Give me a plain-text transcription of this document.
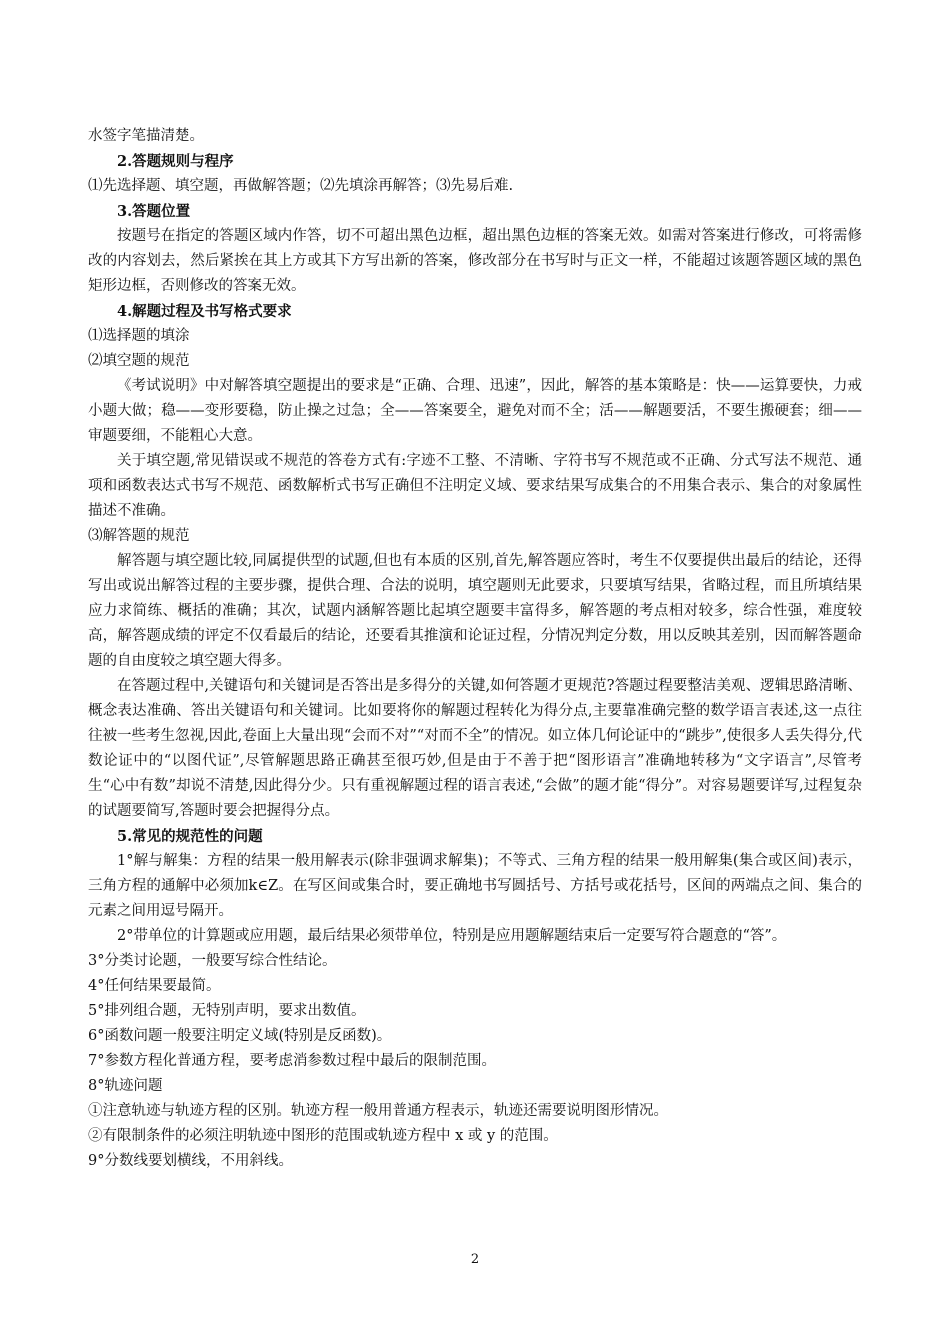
水签字笔描清楚。

2.答题规则与程序

⑴先选择题、填空题，再做解答题；⑵先填涂再解答；⑶先易后难.

3.答题位置

按题号在指定的答题区域内作答，切不可超出黑色边框，超出黑色边框的答案无效。如需对答案进行修改，可将需修改的内容划去，然后紧挨在其上方或其下方写出新的答案，修改部分在书写时与正文一样，不能超过该题答题区域的黑色矩形边框，否则修改的答案无效。

4.解题过程及书写格式要求

⑴选择题的填涂

⑵填空题的规范

《考试说明》中对解答填空题提出的要求是“正确、合理、迅速”，因此，解答的基本策略是：快——运算要快，力戒小题大做；稳——变形要稳，防止操之过急；全——答案要全，避免对而不全；活——解题要活，不要生搬硬套；细——审题要细，不能粗心大意。

关于填空题,常见错误或不规范的答卷方式有:字迹不工整、不清晰、字符书写不规范或不正确、分式写法不规范、通项和函数表达式书写不规范、函数解析式书写正确但不注明定义域、要求结果写成集合的不用集合表示、集合的对象属性描述不准确。

⑶解答题的规范

解答题与填空题比较,同属提供型的试题,但也有本质的区别,首先,解答题应答时，考生不仅要提供出最后的结论，还得写出或说出解答过程的主要步骤，提供合理、合法的说明，填空题则无此要求，只要填写结果，省略过程，而且所填结果应力求简练、概括的准确；其次，试题内涵解答题比起填空题要丰富得多，解答题的考点相对较多，综合性强，难度较高，解答题成绩的评定不仅看最后的结论，还要看其推演和论证过程，分情况判定分数，用以反映其差别，因而解答题命题的自由度较之填空题大得多。

在答题过程中,关键语句和关键词是否答出是多得分的关键,如何答题才更规范?答题过程要整洁美观、逻辑思路清晰、概念表达准确、答出关键语句和关键词。比如要将你的解题过程转化为得分点,主要靠准确完整的数学语言表述,这一点往往被一些考生忽视,因此,卷面上大量出现“会而不对”“对而不全”的情况。如立体几何论证中的“跳步”,使很多人丢失得分,代数论证中的“以图代证”,尽管解题思路正确甚至很巧妙,但是由于不善于把“图形语言”准确地转移为“文字语言”,尽管考生“心中有数”却说不清楚,因此得分少。只有重视解题过程的语言表述,“会做”的题才能“得分”。对容易题要详写,过程复杂的试题要简写,答题时要会把握得分点。

5.常见的规范性的问题

1°解与解集：方程的结果一般用解表示(除非强调求解集)；不等式、三角方程的结果一般用解集(集合或区间)表示，三角方程的通解中必须加k∈Z。在写区间或集合时，要正确地书写圆括号、方括号或花括号，区间的两端点之间、集合的元素之间用逗号隔开。

2°带单位的计算题或应用题，最后结果必须带单位，特别是应用题解题结束后一定要写符合题意的“答”。

3°分类讨论题，一般要写综合性结论。

4°任何结果要最简。

5°排列组合题，无特别声明，要求出数值。

6°函数问题一般要注明定义域(特别是反函数)。

7°参数方程化普通方程，要考虑消参数过程中最后的限制范围。

8°轨迹问题

①注意轨迹与轨迹方程的区别。轨迹方程一般用普通方程表示，轨迹还需要说明图形情况。

②有限制条件的必须注明轨迹中图形的范围或轨迹方程中 x 或 y 的范围。

9°分数线要划横线，不用斜线。

2
